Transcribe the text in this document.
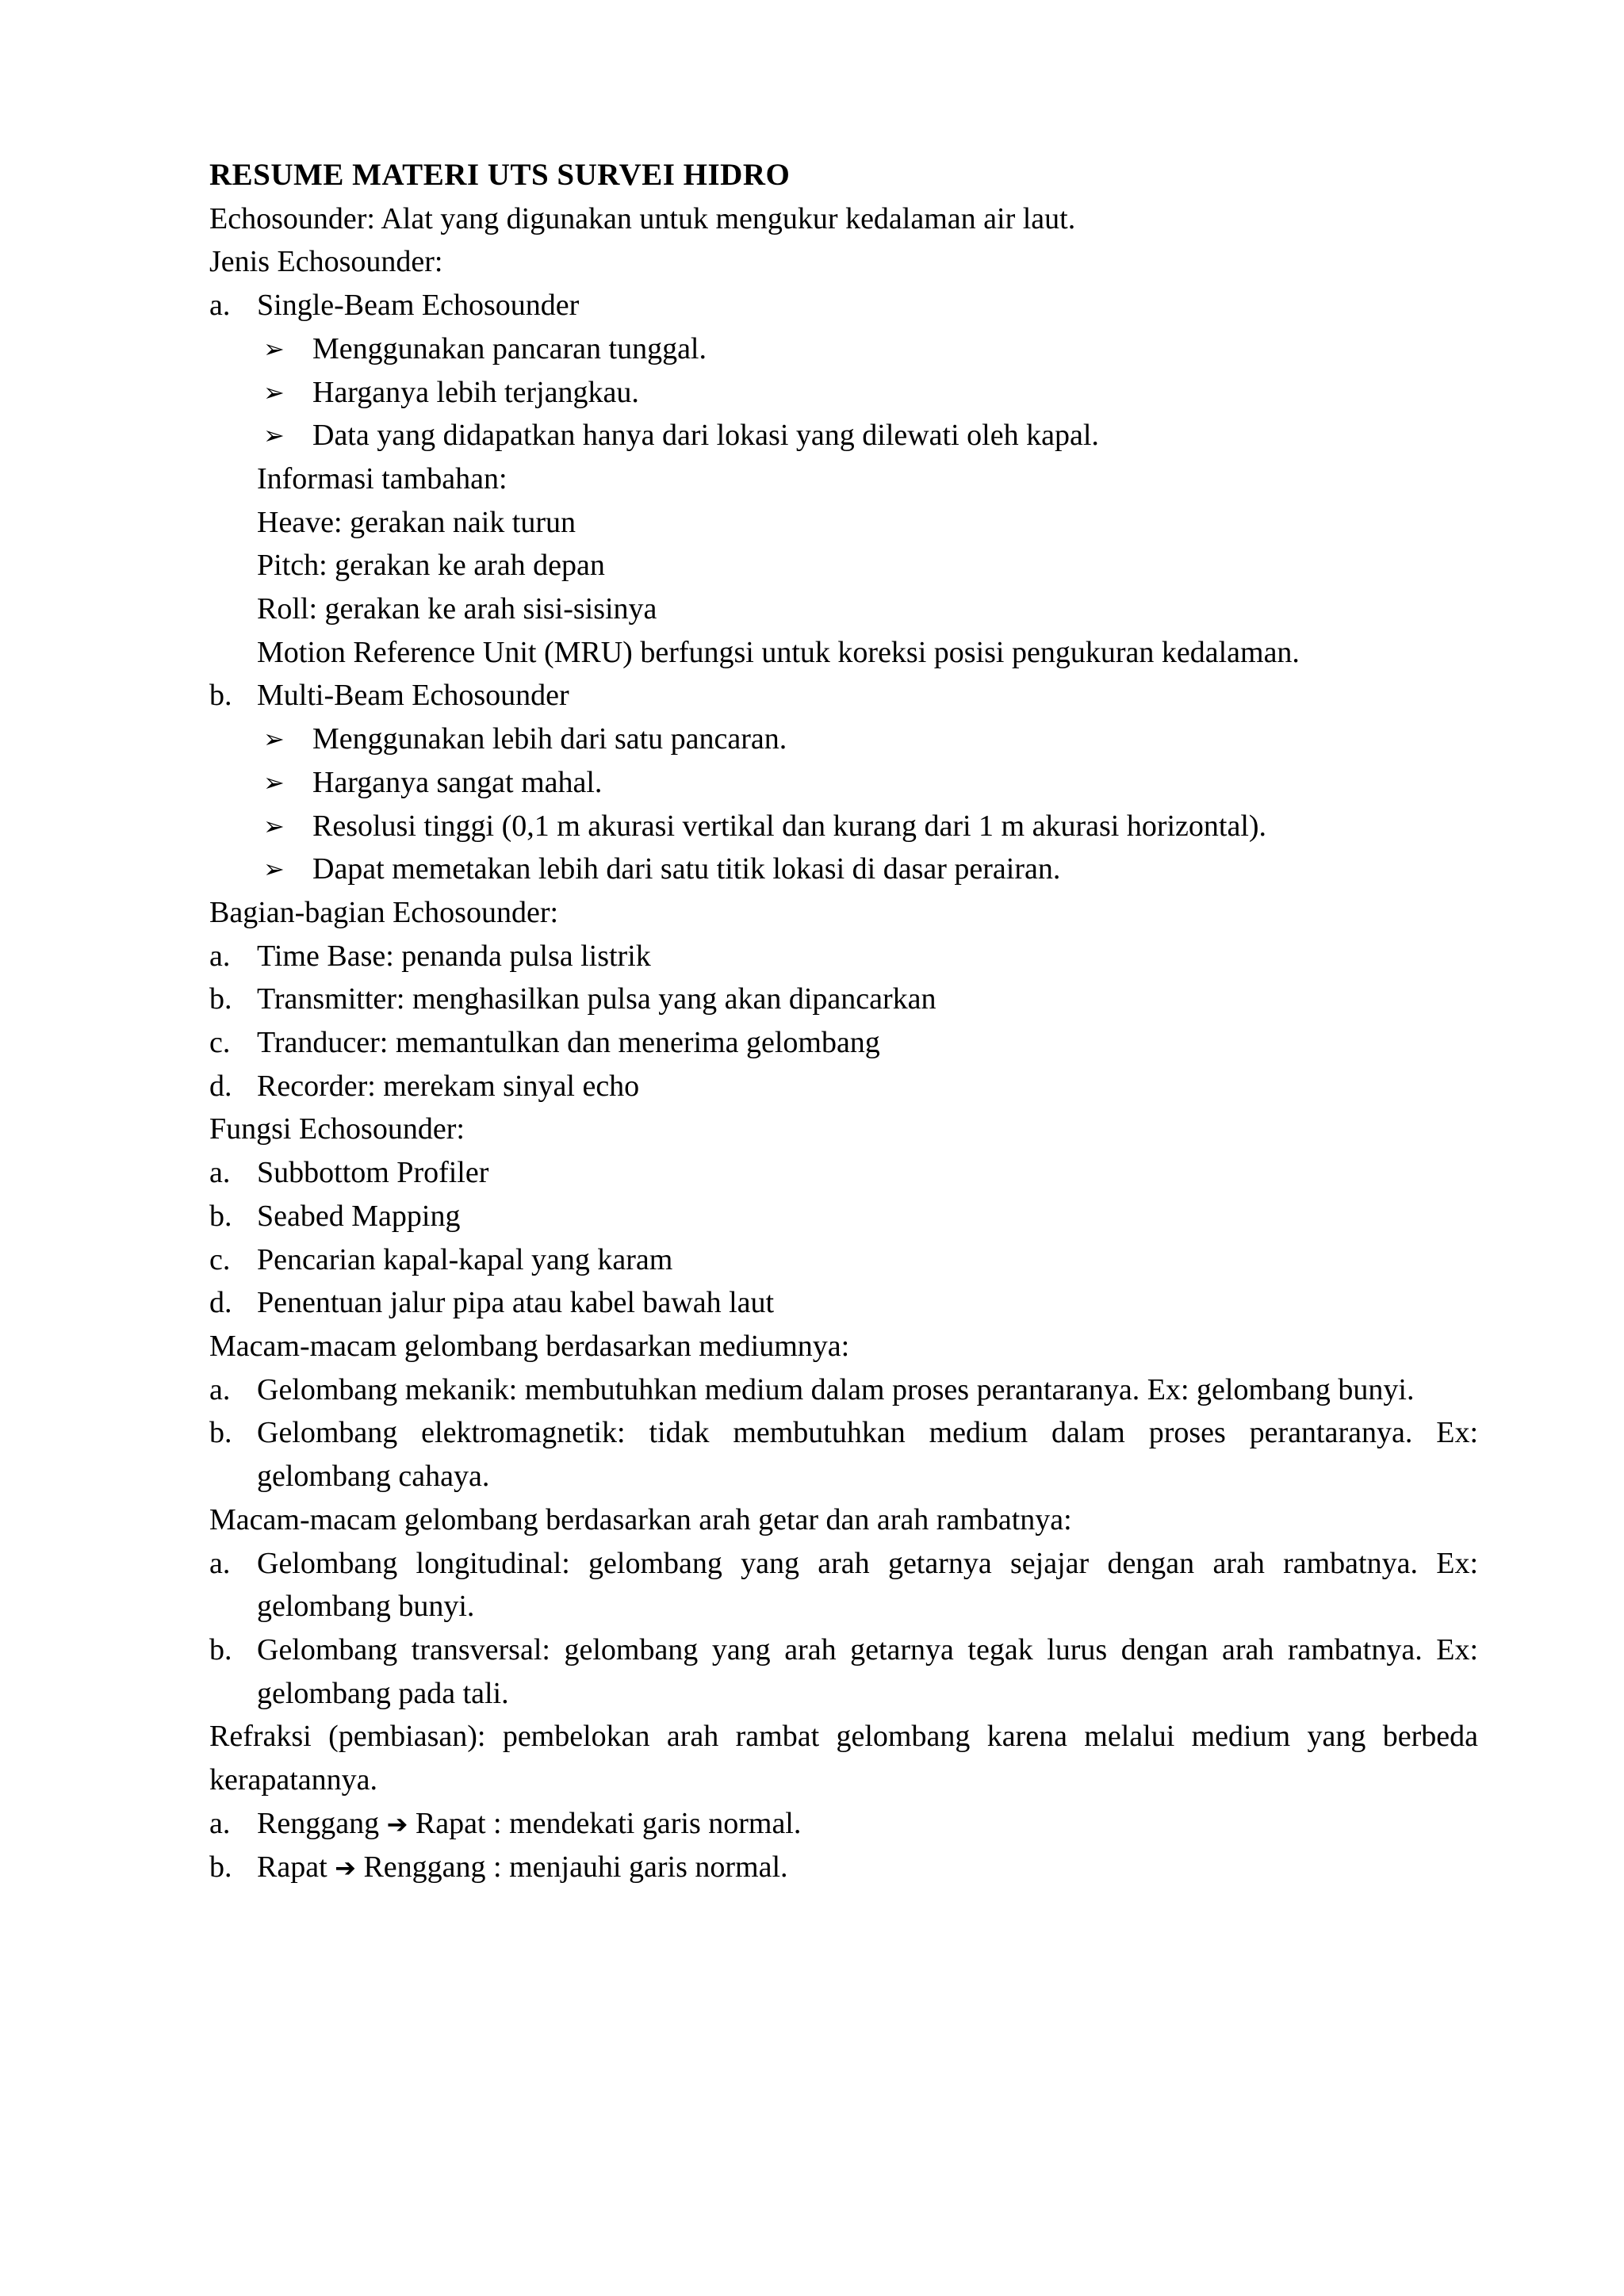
RESUME MATERI UTS SURVEI HIDRO
Echosounder: Alat yang digunakan untuk mengukur kedalaman air laut.
Jenis Echosounder:
a. Single-Beam Echosounder
➢ Menggunakan pancaran tunggal.
➢ Harganya lebih terjangkau.
➢ Data yang didapatkan hanya dari lokasi yang dilewati oleh kapal.
Informasi tambahan:
Heave: gerakan naik turun
Pitch: gerakan ke arah depan
Roll: gerakan ke arah sisi-sisinya
Motion Reference Unit (MRU) berfungsi untuk koreksi posisi pengukuran kedalaman.
b. Multi-Beam Echosounder
➢ Menggunakan lebih dari satu pancaran.
➢ Harganya sangat mahal.
➢ Resolusi tinggi (0,1 m akurasi vertikal dan kurang dari 1 m akurasi horizontal).
➢ Dapat memetakan lebih dari satu titik lokasi di dasar perairan.
Bagian-bagian Echosounder:
a. Time Base: penanda pulsa listrik
b. Transmitter: menghasilkan pulsa yang akan dipancarkan
c. Tranducer: memantulkan dan menerima gelombang
d. Recorder: merekam sinyal echo
Fungsi Echosounder:
a. Subbottom Profiler
b. Seabed Mapping
c. Pencarian kapal-kapal yang karam
d. Penentuan jalur pipa atau kabel bawah laut
Macam-macam gelombang berdasarkan mediumnya:
a. Gelombang mekanik: membutuhkan medium dalam proses perantaranya. Ex: gelombang bunyi.
b. Gelombang elektromagnetik: tidak membutuhkan medium dalam proses perantaranya. Ex: gelombang cahaya.
Macam-macam gelombang berdasarkan arah getar dan arah rambatnya:
a. Gelombang longitudinal: gelombang yang arah getarnya sejajar dengan arah rambatnya. Ex: gelombang bunyi.
b. Gelombang transversal: gelombang yang arah getarnya tegak lurus dengan arah rambatnya. Ex: gelombang pada tali.
Refraksi (pembiasan): pembelokan arah rambat gelombang karena melalui medium yang berbeda kerapatannya.
a. Renggang ➔ Rapat : mendekati garis normal.
b. Rapat ➔ Renggang : menjauhi garis normal.
